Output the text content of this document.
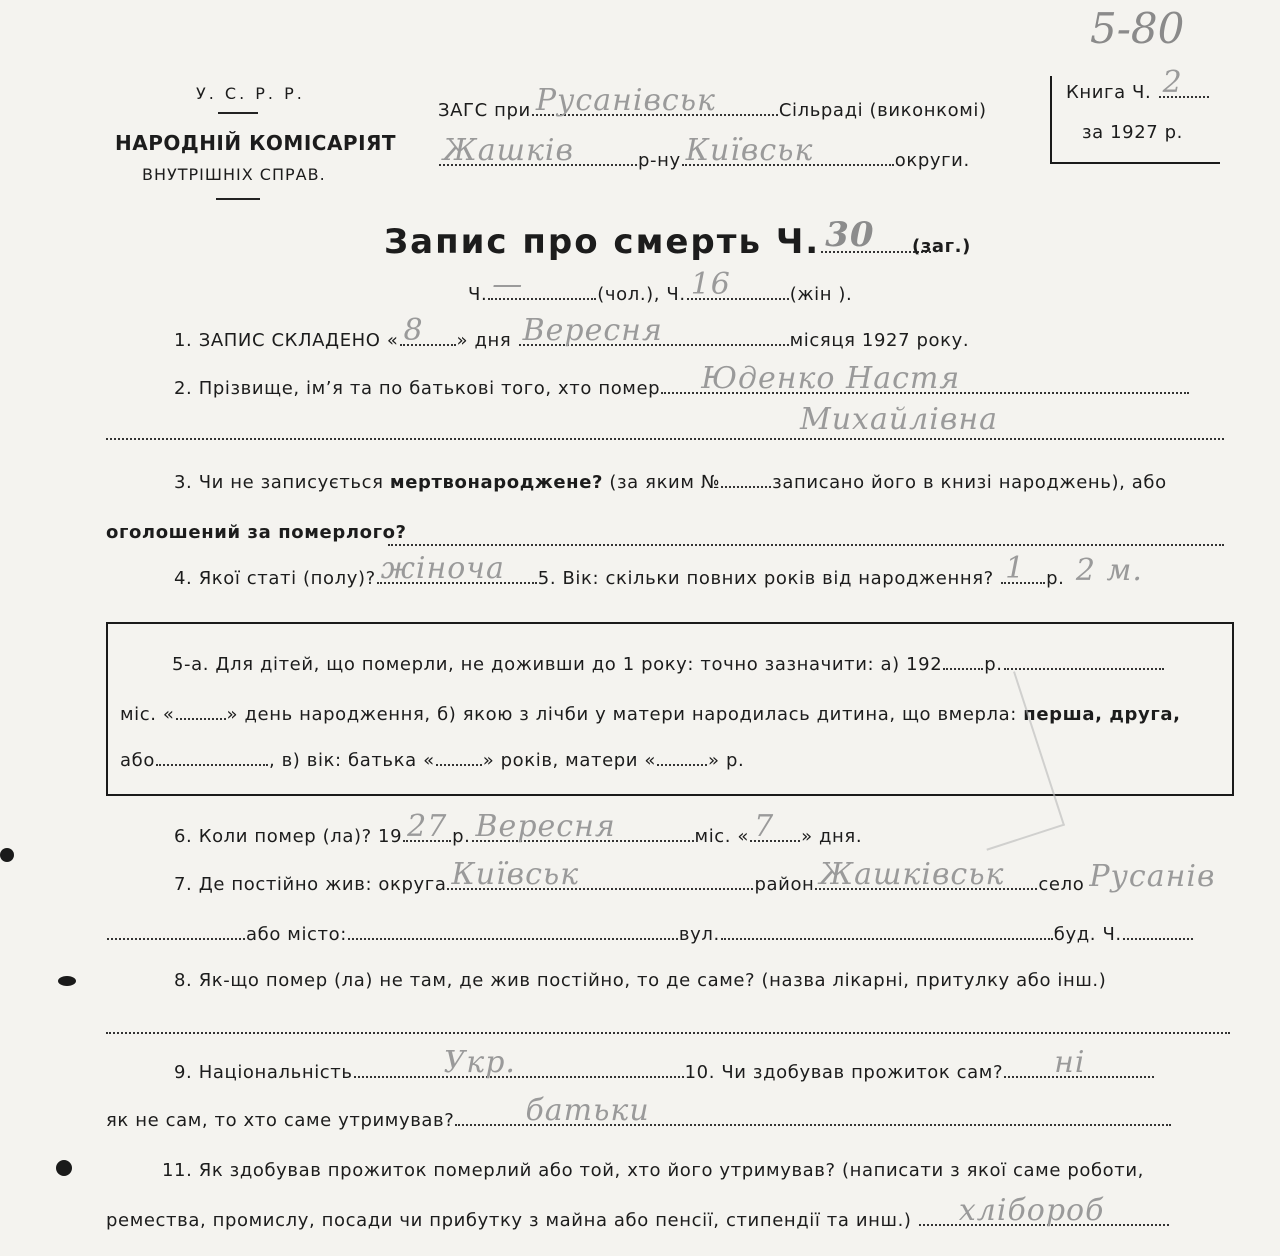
5-80
У. С. Р. Р.
НАРОДНІЙ КОМІСАРІЯТ
ВНУТРІШНІХ СПРАВ.
ЗАГС при Русанівськ	Сільраді (виконкомі)
Жашків	р-ну Київськ	округи.
Книга Ч. 2
за 1927 р.
Запис про смерть Ч. 30 (заг.)
Ч. —	(чол.), Ч. 16	(жін ).
1. ЗАПИС СКЛАДЕНО « 8 » дня Вересня	місяця 1927 року.
2. Прізвище, ім’я та по батькові того, хто помер Юденко Настя
Михайлівна
3. Чи не записується мертвонароджене? (за яким №	записано його в книзі народжень), або
оголошений за померлого?
4. Якої статі (полу)? жіноча 5. Вік: скільки повних років від народження? 1 р. 2 м.
5-а. Для дітей, що померли, не доживши до 1 року: точно зазначити: а) 192 р.
міс. «	» день народження, б) якою з лічби у матери народилась дитина, що вмерла: перша, друга,
або	, в) вік: батька «	» років, матери «	» р.
6. Коли помер (ла)? 19 27 р. Вересня	міс. « 7 » дня.
7. Де постійно жив: округа Київськ	район Жашківськ село Русанів
або місто:	вул.	буд. Ч.
8. Як-що помер (ла) не там, де жив постійно, то де саме? (назва лікарні, притулку або інш.)
9. Національність	Укр.	10. Чи здобував прожиток сам? ні
як не сам, то хто саме утримував? батьки
11. Як здобував прожиток померлий або той, хто його утримував? (написати з якої саме роботи,
ремества, промислу, посади чи прибутку з майна або пенсії, стипендії та инш.) хлібороб
